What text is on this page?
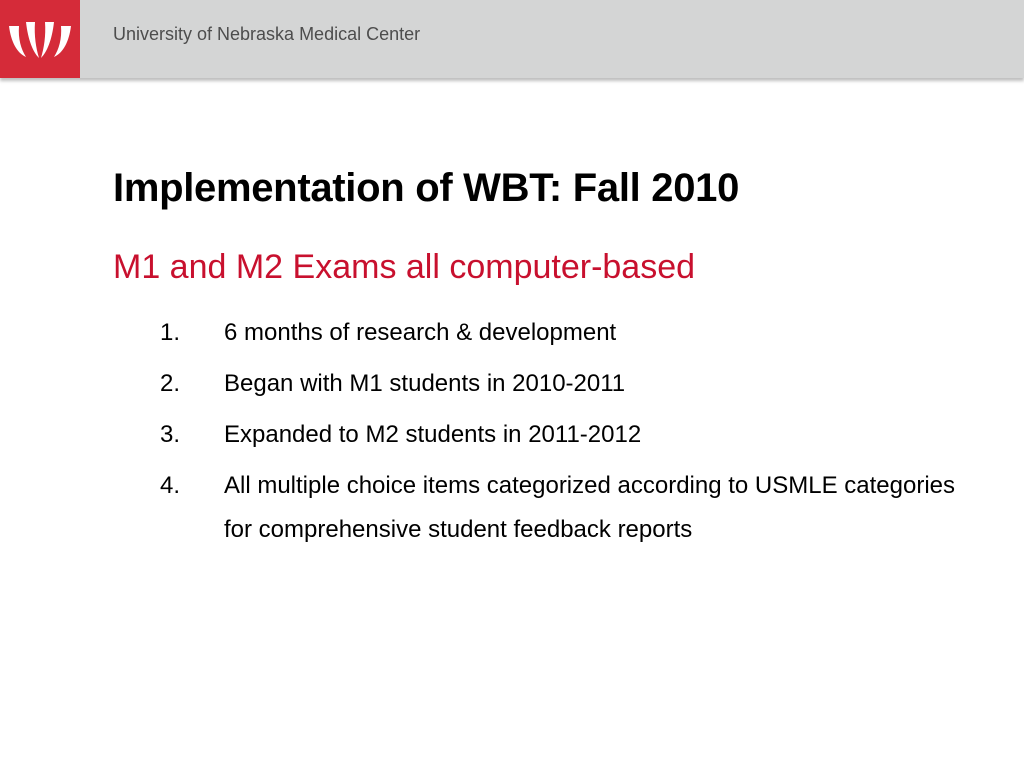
University of Nebraska Medical Center
Implementation of WBT: Fall 2010
M1 and M2 Exams all computer-based
1.	6 months of research & development
2.	Began with M1 students in 2010-2011
3.	Expanded to M2 students in 2011-2012
4.	All multiple choice items categorized according to USMLE categories for comprehensive student feedback reports
